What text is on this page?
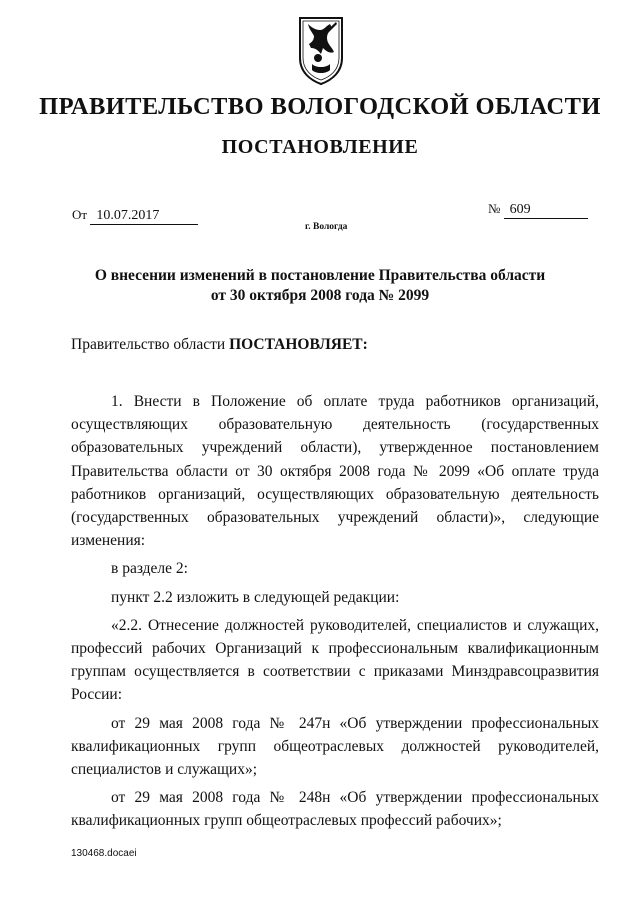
ПРАВИТЕЛЬСТВО ВОЛОГОДСКОЙ ОБЛАСТИ
ПОСТАНОВЛЕНИЕ
От 10.07.2017	№ 609
г. Вологда
О внесении изменений в постановление Правительства области
от 30 октября 2008 года № 2099
Правительство области ПОСТАНОВЛЯЕТ:

1. Внести в Положение об оплате труда работников организаций, осуществляющих образовательную деятельность (государственных образовательных учреждений области), утвержденное постановлением Правительства области от 30 октября 2008 года № 2099 «Об оплате труда работников организаций, осуществляющих образовательную деятельность (государственных образовательных учреждений области)», следующие изменения:

в разделе 2:

пункт 2.2 изложить в следующей редакции:

«2.2. Отнесение должностей руководителей, специалистов и служащих, профессий рабочих Организаций к профессиональным квалификационным группам осуществляется в соответствии с приказами Минздравсоцразвития России:

от 29 мая 2008 года № 247н «Об утверждении профессиональных квалификационных групп общеотраслевых должностей руководителей, специалистов и служащих»;

от 29 мая 2008 года № 248н «Об утверждении профессиональных квалификационных групп общеотраслевых профессий рабочих»;

130468.docaei
